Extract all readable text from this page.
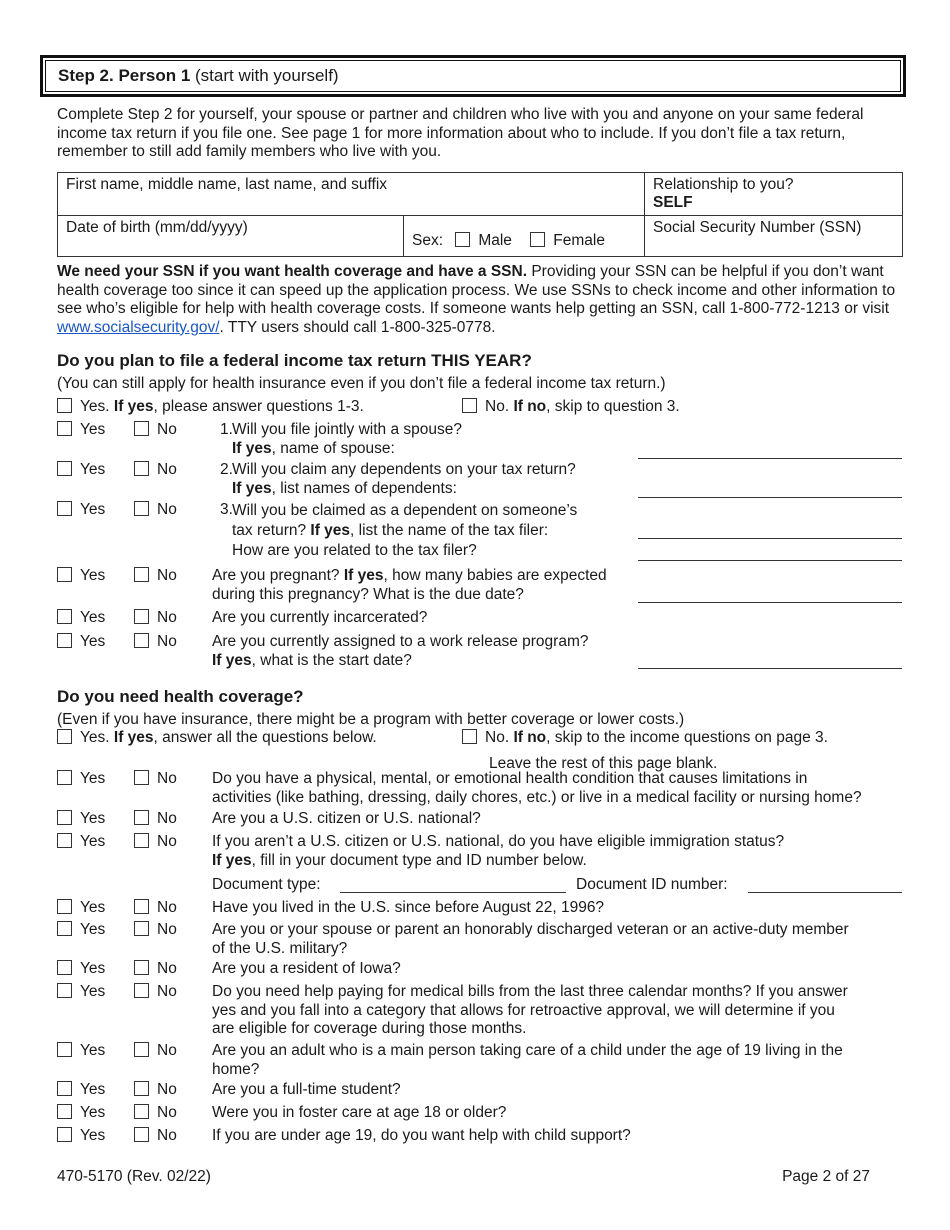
Step 2. Person 1 (start with yourself)
Complete Step 2 for yourself, your spouse or partner and children who live with you and anyone on your same federal income tax return if you file one. See page 1 for more information about who to include. If you don’t file a tax return, remember to still add family members who live with you.
First name, middle name, last name, and suffix		Relationship to you?
SELF

Date of birth (mm/dd/yyyy)	Sex: Male Female	Social Security Number (SSN)
We need your SSN if you want health coverage and have a SSN. Providing your SSN can be helpful if you don’t want health coverage too since it can speed up the application process. We use SSNs to check income and other information to see who’s eligible for help with health coverage costs. If someone wants help getting an SSN, call 1-800-772-1213 or visit www.socialsecurity.gov/. TTY users should call 1-800-325-0778.
Do you plan to file a federal income tax return THIS YEAR?
(You can still apply for health insurance even if you don’t file a federal income tax return.)
Do you need health coverage?
(Even if you have insurance, there might be a program with better coverage or lower costs.)
Leave the rest of this page blank.
Document type:	Document ID number:
Yes. If yes, please answer questions 1-3.	No. If no, skip to question 3.
Yes	No	1. Will you file jointly with a spouse?
If yes, name of spouse:
Yes	No	2. Will you claim any dependents on your tax return?
If yes, list names of dependents:
Yes	No	3. Will you be claimed as a dependent on someone’s
tax return? If yes, list the name of the tax filer:
How are you related to the tax filer?
Yes	No Are you pregnant? If yes, how many babies are expected
during this pregnancy? What is the due date?
Yes	No Are you currently incarcerated?
Yes	No Are you currently assigned to a work release program?
If yes, what is the start date?
Yes. If yes, answer all the questions below.	No. If no, skip to the income questions on page 3.
Yes	No Do you have a physical, mental, or emotional health condition that causes limitations in
activities (like bathing, dressing, daily chores, etc.) or live in a medical facility or nursing home?
Yes	No Are you a U.S. citizen or U.S. national?
Yes	No If you aren’t a U.S. citizen or U.S. national, do you have eligible immigration status?
If yes, fill in your document type and ID number below.
Yes	No Have you lived in the U.S. since before August 22, 1996?
Yes	No Are you or your spouse or parent an honorably discharged veteran or an active-duty member
of the U.S. military?
Yes	No Are you a resident of Iowa?
Yes	No Do you need help paying for medical bills from the last three calendar months? If you answer
yes and you fall into a category that allows for retroactive approval, we will determine if you
are eligible for coverage during those months.
Yes	No Are you an adult who is a main person taking care of a child under the age of 19 living in the
home?
Yes	No Are you a full-time student?
Yes	No Were you in foster care at age 18 or older?
Yes	No If you are under age 19, do you want help with child support?
470-5170 (Rev. 02/22)	Page 2 of 27
